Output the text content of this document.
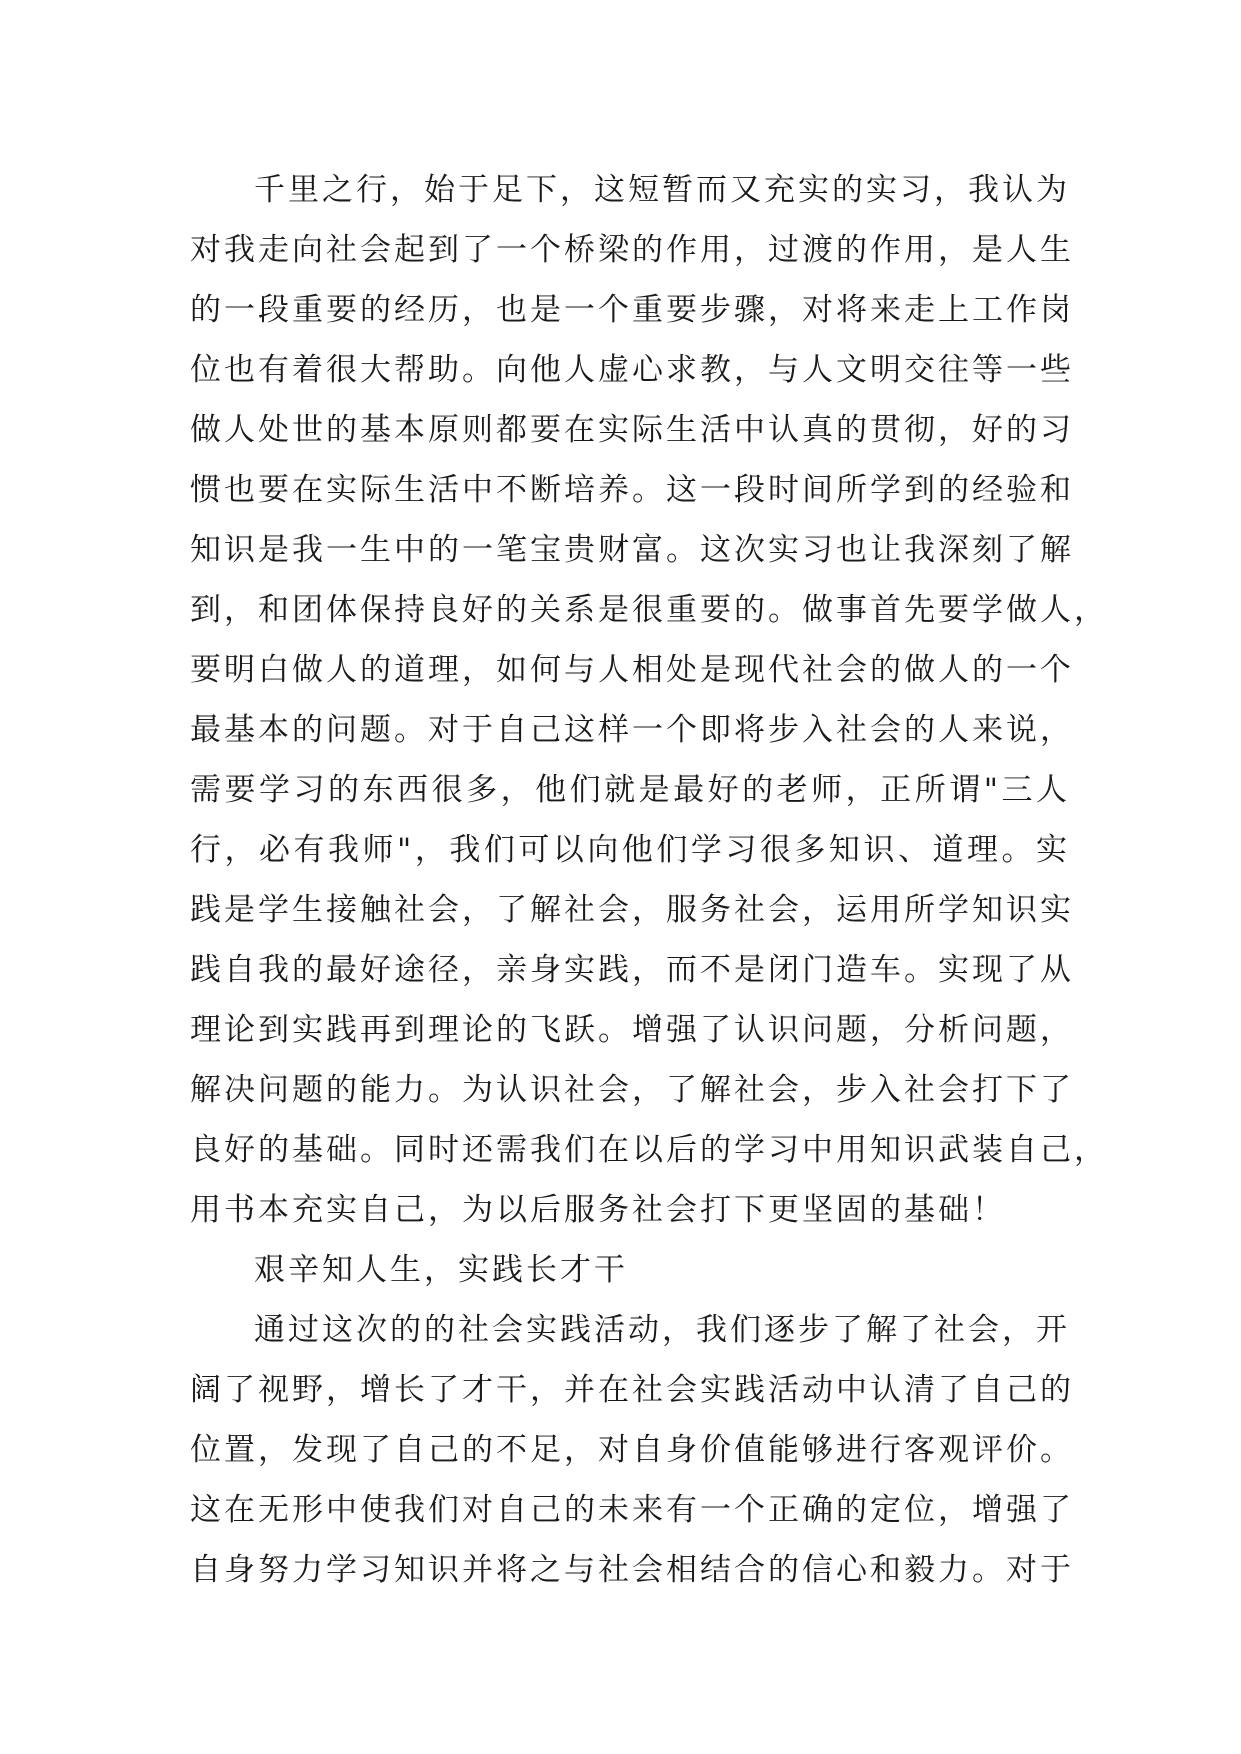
千里之行，始于足下，这短暂而又充实的实习，我认为
对我走向社会起到了一个桥梁的作用，过渡的作用，是人生
的一段重要的经历，也是一个重要步骤，对将来走上工作岗
位也有着很大帮助。向他人虚心求教，与人文明交往等一些
做人处世的基本原则都要在实际生活中认真的贯彻，好的习
惯也要在实际生活中不断培养。这一段时间所学到的经验和
知识是我一生中的一笔宝贵财富。这次实习也让我深刻了解
到，和团体保持良好的关系是很重要的。做事首先要学做人，
要明白做人的道理，如何与人相处是现代社会的做人的一个
最基本的问题。对于自己这样一个即将步入社会的人来说，
需要学习的东西很多，他们就是最好的老师，正所谓"三人
行，必有我师"，我们可以向他们学习很多知识、道理。实
践是学生接触社会，了解社会，服务社会，运用所学知识实
践自我的最好途径，亲身实践，而不是闭门造车。实现了从
理论到实践再到理论的飞跃。增强了认识问题，分析问题，
解决问题的能力。为认识社会，了解社会，步入社会打下了
良好的基础。同时还需我们在以后的学习中用知识武装自己，
用书本充实自己，为以后服务社会打下更坚固的基础！
艰辛知人生，实践长才干
通过这次的的社会实践活动，我们逐步了解了社会，开
阔了视野，增长了才干，并在社会实践活动中认清了自己的
位置，发现了自己的不足，对自身价值能够进行客观评价。
这在无形中使我们对自己的未来有一个正确的定位，增强了
自身努力学习知识并将之与社会相结合的信心和毅力。对于
